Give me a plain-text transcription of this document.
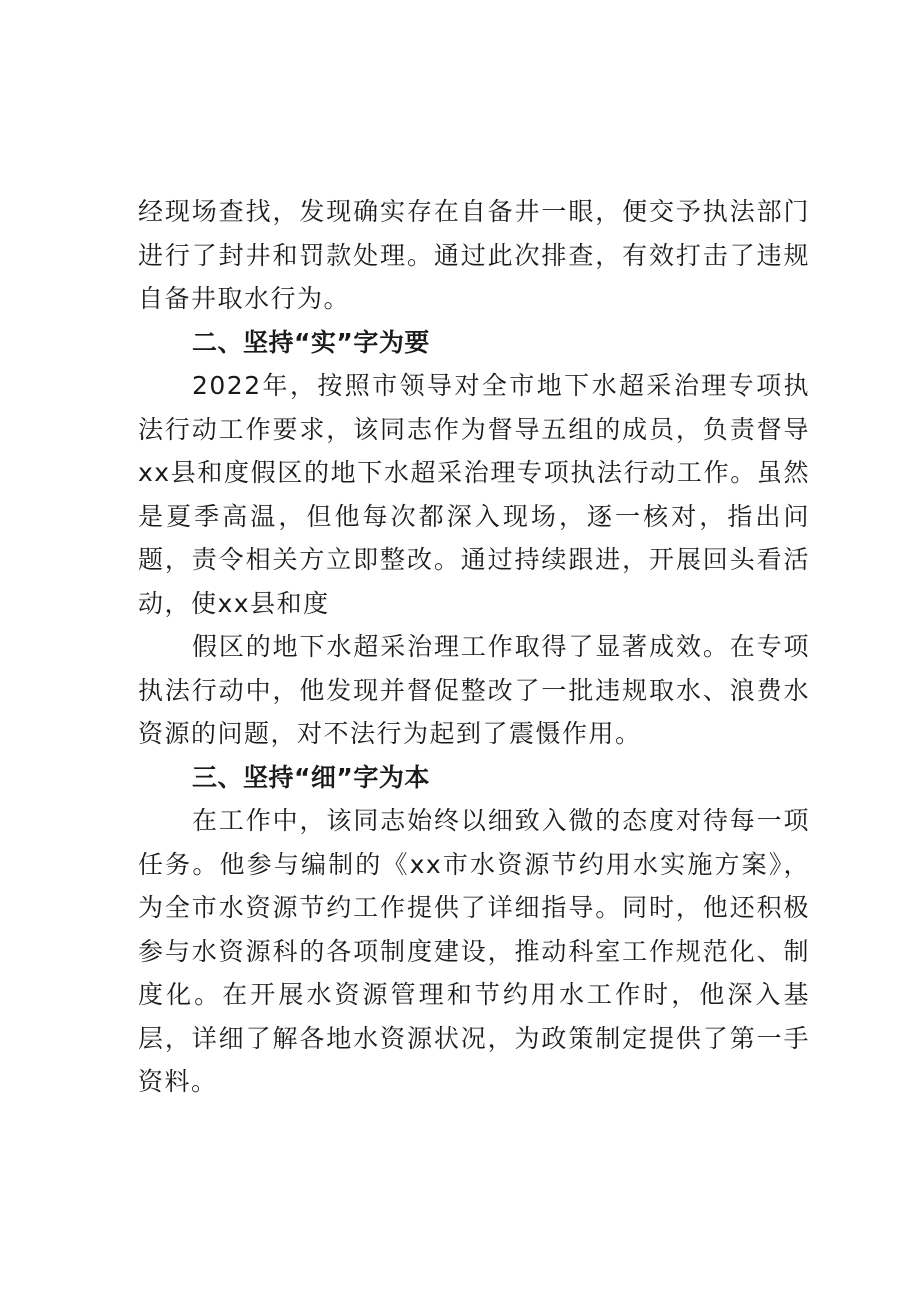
经现场查找，发现确实存在自备井一眼，便交予执法部门进行了封井和罚款处理。通过此次排查，有效打击了违规自备井取水行为。

二、坚持“实”字为要

2022年，按照市领导对全市地下水超采治理专项执法行动工作要求，该同志作为督导五组的成员，负责督导xx县和度假区的地下水超采治理专项执法行动工作。虽然是夏季高温，但他每次都深入现场，逐一核对，指出问题，责令相关方立即整改。通过持续跟进，开展回头看活动，使xx县和度

假区的地下水超采治理工作取得了显著成效。在专项执法行动中，他发现并督促整改了一批违规取水、浪费水资源的问题，对不法行为起到了震慑作用。

三、坚持“细”字为本

在工作中，该同志始终以细致入微的态度对待每一项任务。他参与编制的《xx市水资源节约用水实施方案》，为全市水资源节约工作提供了详细指导。同时，他还积极参与水资源科的各项制度建设，推动科室工作规范化、制度化。在开展水资源管理和节约用水工作时，他深入基层，详细了解各地水资源状况，为政策制定提供了第一手资料。
